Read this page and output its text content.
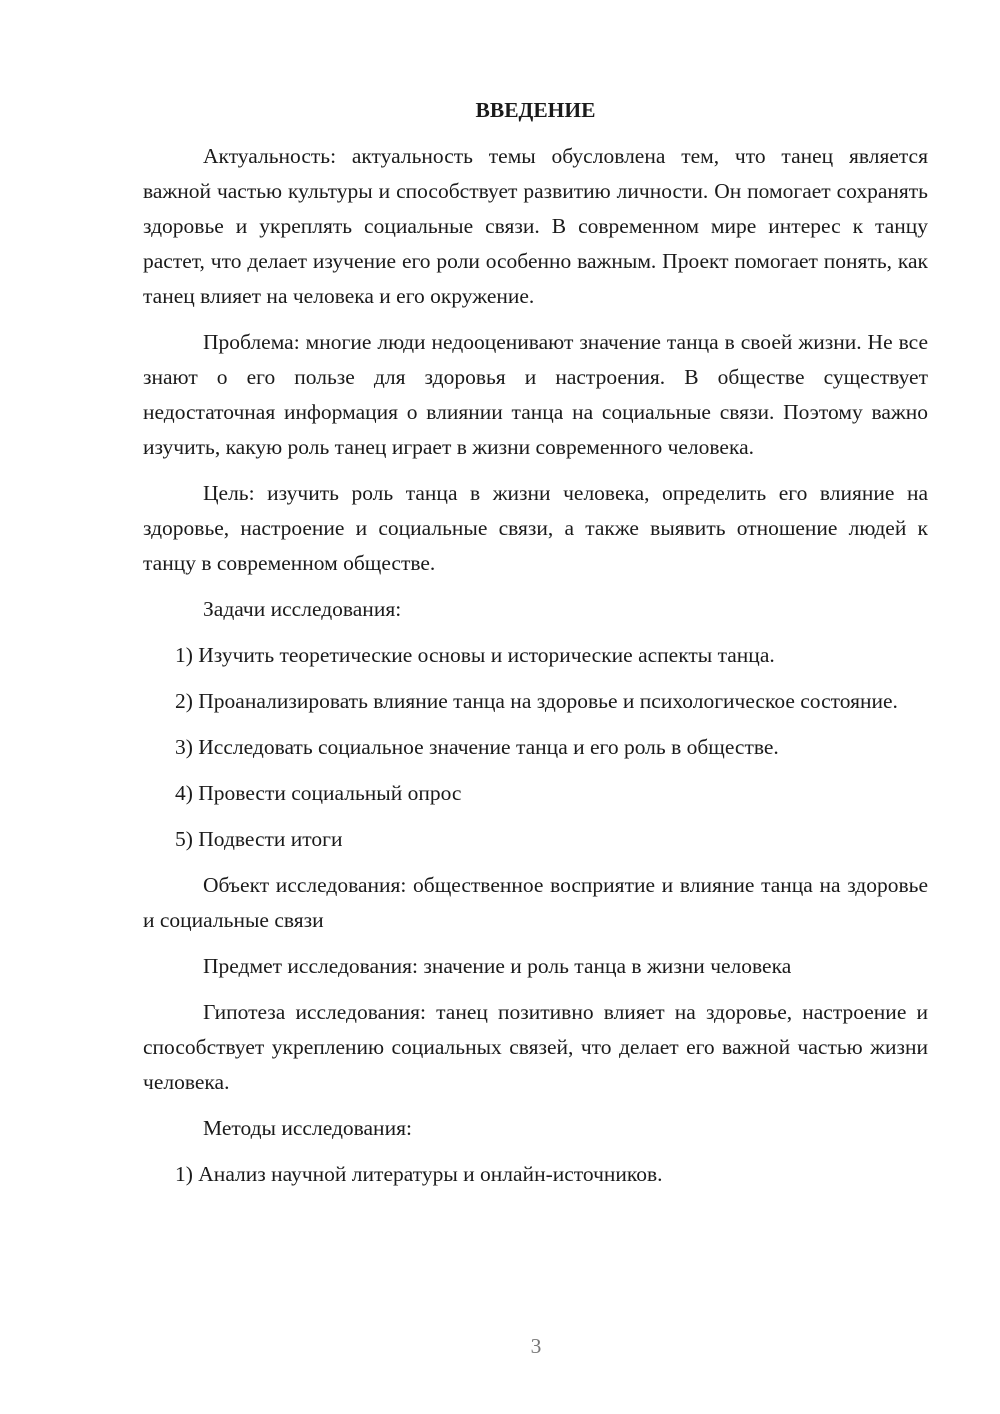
ВВЕДЕНИЕ

Актуальность: актуальность темы обусловлена тем, что танец является важной частью культуры и способствует развитию личности. Он помогает сохранять здоровье и укреплять социальные связи. В современном мире интерес к танцу растет, что делает изучение его роли особенно важным. Проект помогает понять, как танец влияет на человека и его окружение.

Проблема: многие люди недооценивают значение танца в своей жизни. Не все знают о его пользе для здоровья и настроения. В обществе существует недостаточная информация о влиянии танца на социальные связи. Поэтому важно изучить, какую роль танец играет в жизни современного человека.

Цель: изучить роль танца в жизни человека, определить его влияние на здоровье, настроение и социальные связи, а также выявить отношение людей к танцу в современном обществе.

Задачи исследования:

1) Изучить теоретические основы и исторические аспекты танца.

2) Проанализировать влияние танца на здоровье и психологическое состояние.

3) Исследовать социальное значение танца и его роль в обществе.

4) Провести социальный опрос

5) Подвести итоги

Объект исследования: общественное восприятие и влияние танца на здоровье и социальные связи

Предмет исследования: значение и роль танца в жизни человека

Гипотеза исследования: танец позитивно влияет на здоровье, настроение и способствует укреплению социальных связей, что делает его важной частью жизни человека.

Методы исследования:

1) Анализ научной литературы и онлайн-источников.

3
